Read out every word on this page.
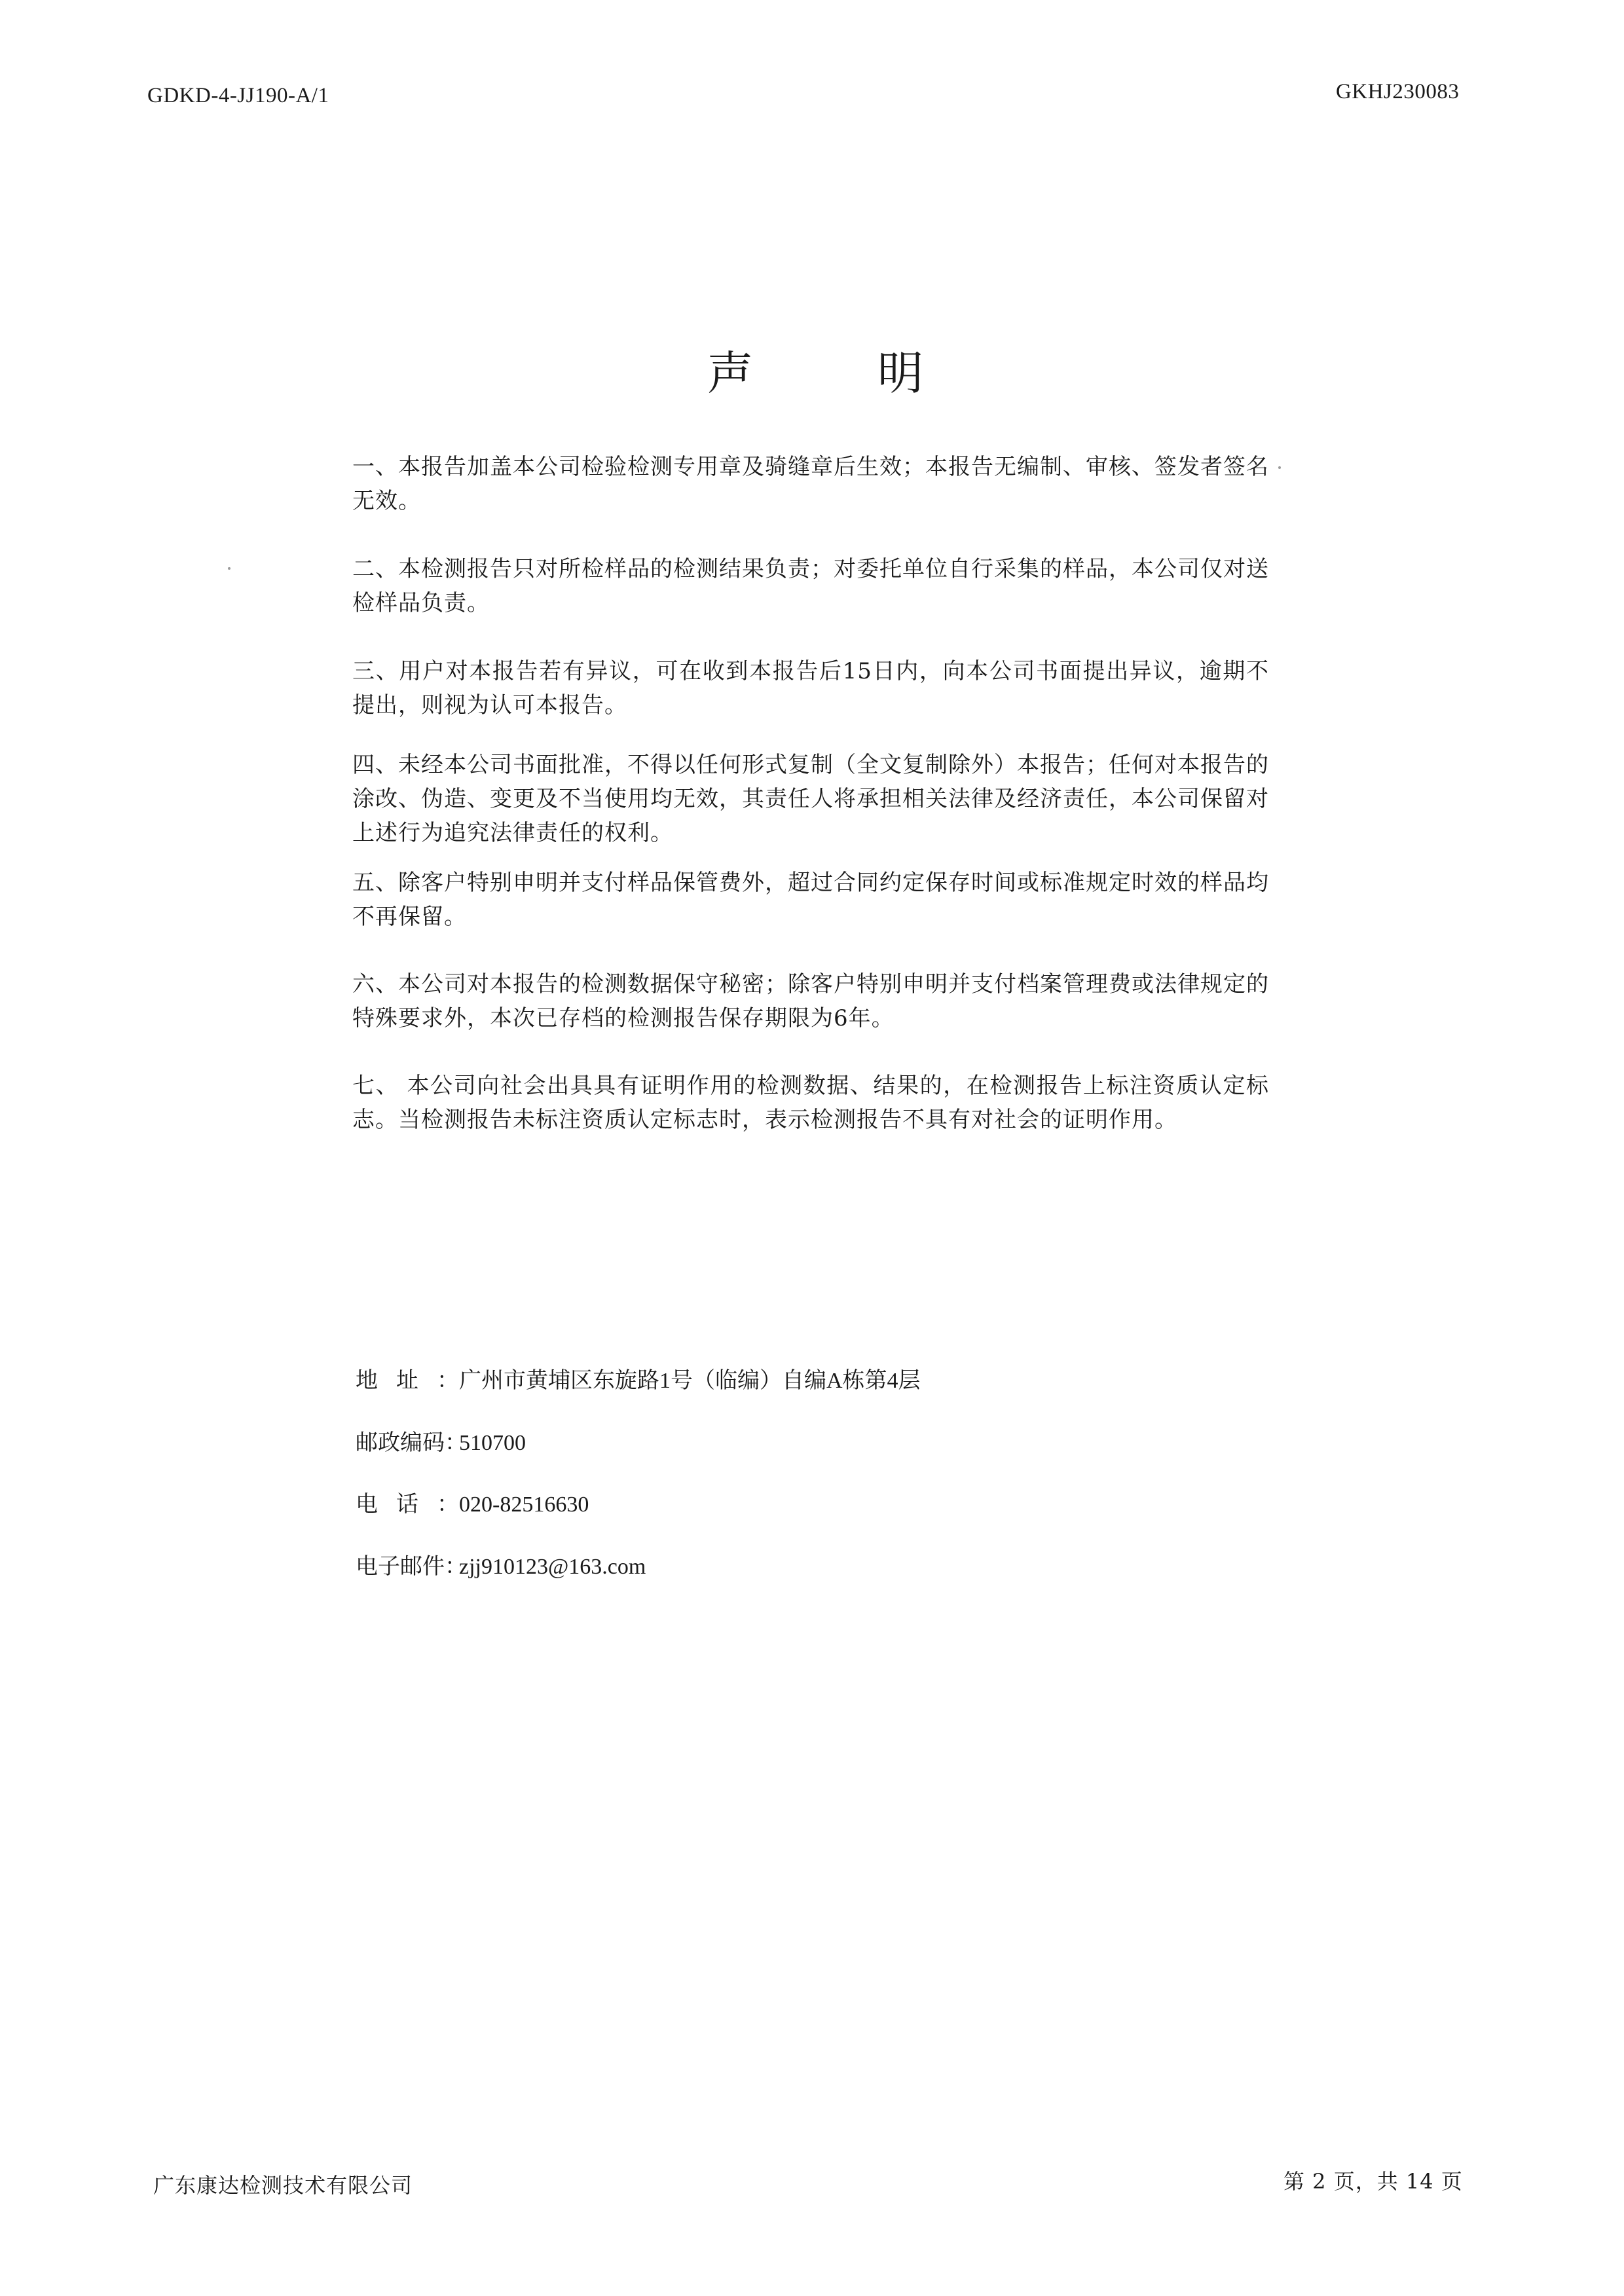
GDKD-4-JJ190-A/1	GKHJ230083
声	明
一、本报告加盖本公司检验检测专用章及骑缝章后生效；本报告无编制、审核、签发者签名无效。
二、本检测报告只对所检样品的检测结果负责；对委托单位自行采集的样品，本公司仅对送检样品负责。
三、用户对本报告若有异议，可在收到本报告后15日内，向本公司书面提出异议，逾期不提出，则视为认可本报告。
四、未经本公司书面批准，不得以任何形式复制（全文复制除外）本报告；任何对本报告的涂改、伪造、变更及不当使用均无效，其责任人将承担相关法律及经济责任，本公司保留对上述行为追究法律责任的权利。
五、除客户特别申明并支付样品保管费外，超过合同约定保存时间或标准规定时效的样品均不再保留。
六、本公司对本报告的检测数据保守秘密；除客户特别申明并支付档案管理费或法律规定的特殊要求外，本次已存档的检测报告保存期限为6年。
七、 本公司向社会出具具有证明作用的检测数据、结果的，在检测报告上标注资质认定标志。当检测报告未标注资质认定标志时，表示检测报告不具有对社会的证明作用。
地址：广州市黄埔区东旋路1号（临编）自编A栋第4层
邮政编码：510700
电话：020-82516630
电子邮件：zjj910123@163.com
广东康达检测技术有限公司	第 2 页，共 14 页
